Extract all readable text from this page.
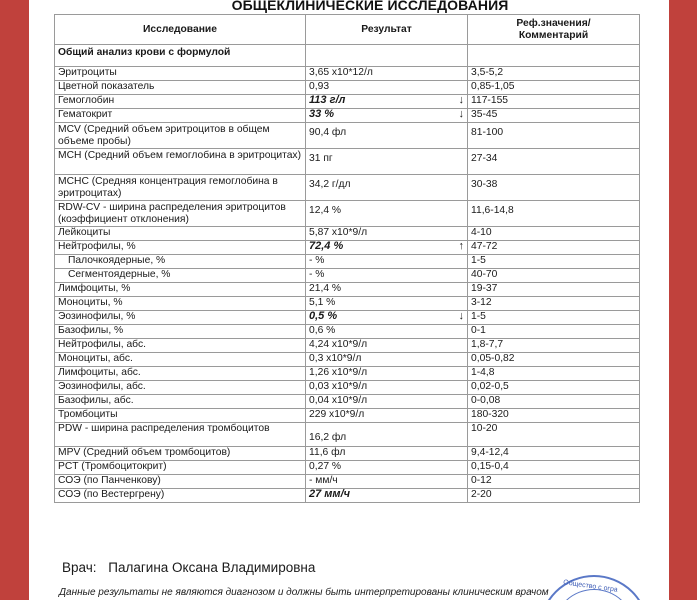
ОБЩЕКЛИНИЧЕСКИЕ ИССЛЕДОВАНИЯ
Исследование	Результат	Реф.значения/
Комментарий
Общий анализ крови с формулой		
Эритроциты	3,65 х10*12/л	3,5-5,2
Цветной показатель	0,93	0,85-1,05
Гемоглобин	113 г/л ↓	117-155
Гематокрит	33 % ↓	35-45
MCV (Средний объем эритроцитов в общем объеме пробы)	90,4 фл	81-100
MCH (Средний объем гемоглобина в эритроцитах)	31 пг	27-34
MCHC (Средняя концентрация гемоглобина в эритроцитах)	34,2 г/дл	30-38
RDW-CV - ширина распределения эритроцитов (коэффициент отклонения)	12,4 %	11,6-14,8
Лейкоциты	5,87 х10*9/л	4-10
Нейтрофилы, %	72,4 % ↑	47-72
Палочкоядерные, %	- %	1-5
Сегментоядерные, %	- %	40-70
Лимфоциты, %	21,4 %	19-37
Моноциты, %	5,1 %	3-12
Эозинофилы, %	0,5 % ↓	1-5
Базофилы, %	0,6 %	0-1
Нейтрофилы, абс.	4,24 х10*9/л	1,8-7,7
Моноциты, абс.	0,3 х10*9/л	0,05-0,82
Лимфоциты, абс.	1,26 х10*9/л	1-4,8
Эозинофилы, абс.	0,03 х10*9/л	0,02-0,5
Базофилы, абс.	0,04 х10*9/л	0-0,08
Тромбоциты	229 х10*9/л	180-320
PDW - ширина распределения тромбоцитов	16,2 фл	10-20
MPV (Средний объем тромбоцитов)	11,6 фл	9,4-12,4
PCT (Тромбоцитокрит)	0,27 %	0,15-0,4
СОЭ (по Панченкову)	- мм/ч	0-12
СОЭ (по Вестергрену)	27 мм/ч	2-20
Врач: Палагина Оксана Владимировна
Данные результаты не являются диагнозом и должны быть интерпретированы клиническим врачом Общество с огра
